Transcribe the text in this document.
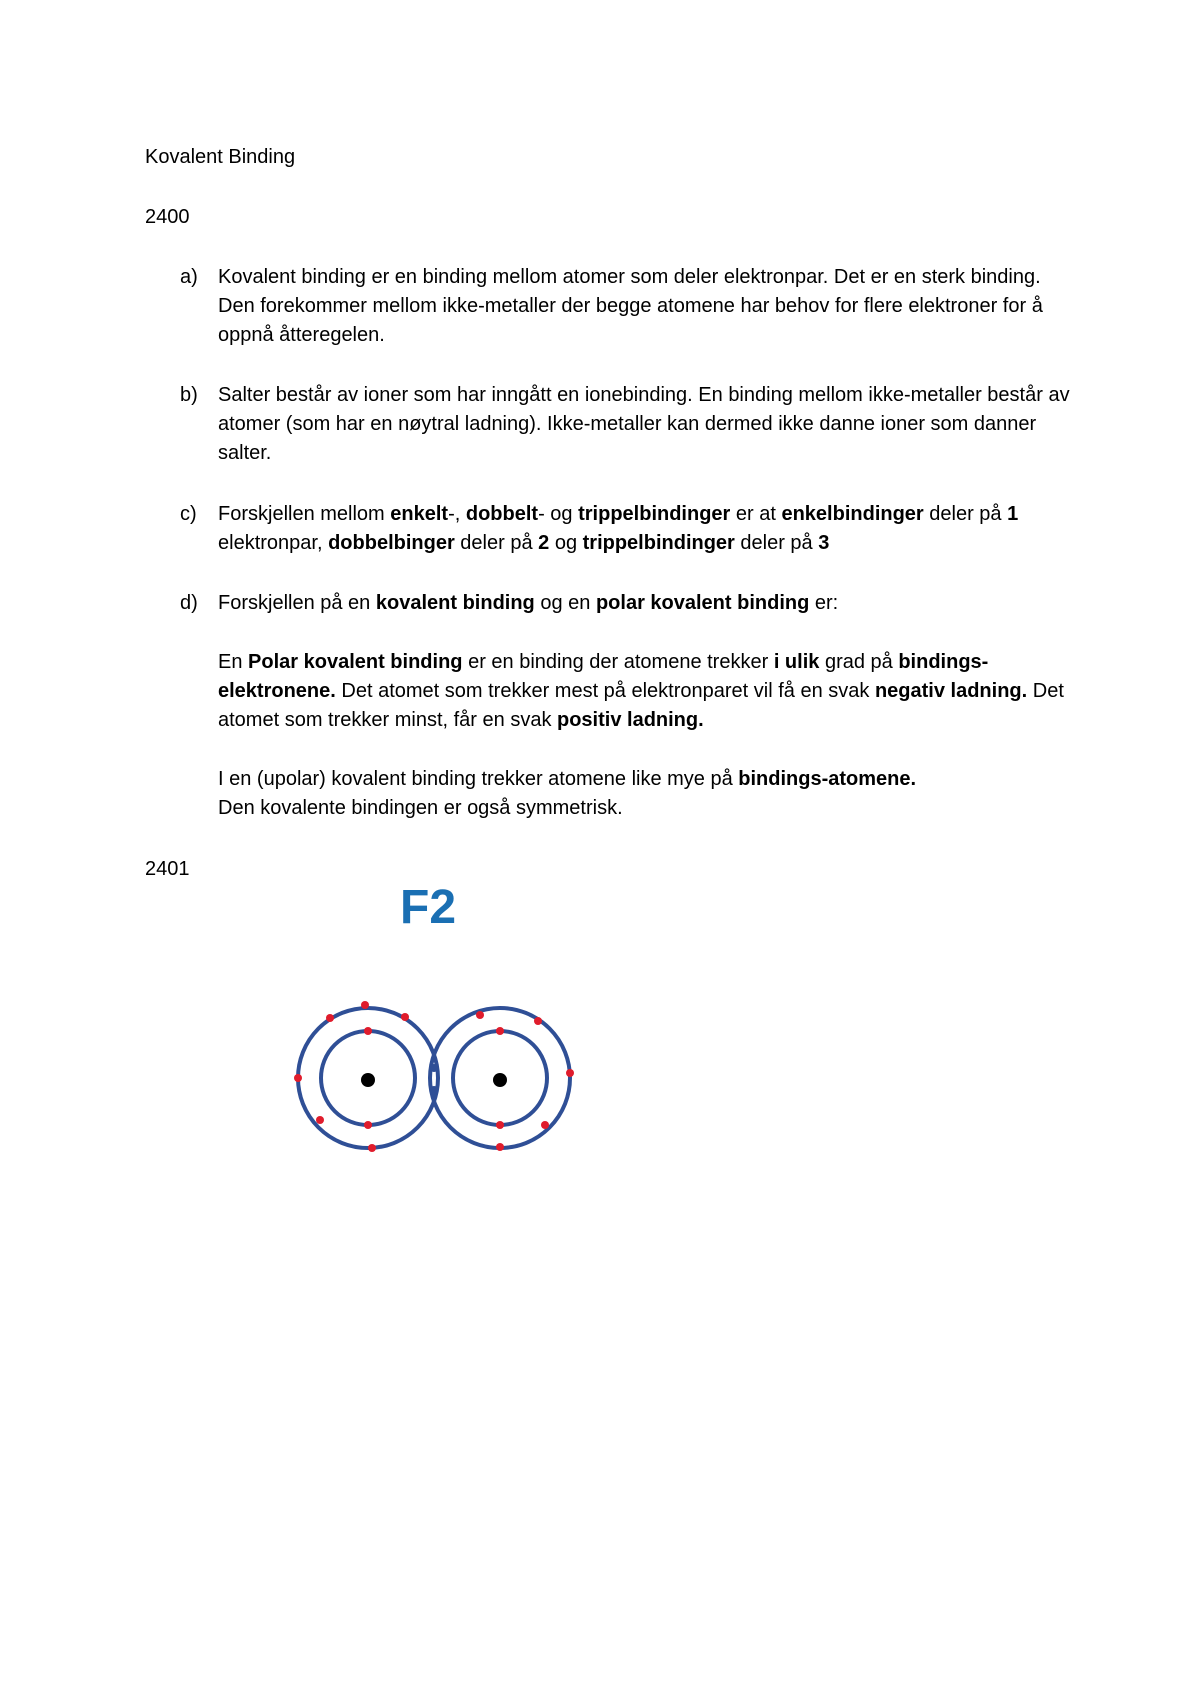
Kovalent Binding
2400
a)	Kovalent binding er en binding mellom atomer som deler elektronpar. Det er en sterk binding. Den forekommer mellom ikke-metaller der begge atomene har behov for flere elektroner for å oppnå åtteregelen.
b)	Salter består av ioner som har inngått en ionebinding. En binding mellom ikke-metaller består av atomer (som har en nøytral ladning). Ikke-metaller kan dermed ikke danne ioner som danner salter.
c)	Forskjellen mellom enkelt-, dobbelt- og trippelbindinger er at enkelbindinger deler på 1 elektronpar, dobbelbinger deler på 2 og trippelbindinger deler på 3
d)	Forskjellen på en kovalent binding og en polar kovalent binding er:
En Polar kovalent binding er en binding der atomene trekker i ulik grad på bindings-elektronene. Det atomet som trekker mest på elektronparet vil få en svak negativ ladning. Det atomet som trekker minst, får en svak positiv ladning.
I en (upolar) kovalent binding trekker atomene like mye på bindings-atomene.
Den kovalente bindingen er også symmetrisk.
2401
F2
